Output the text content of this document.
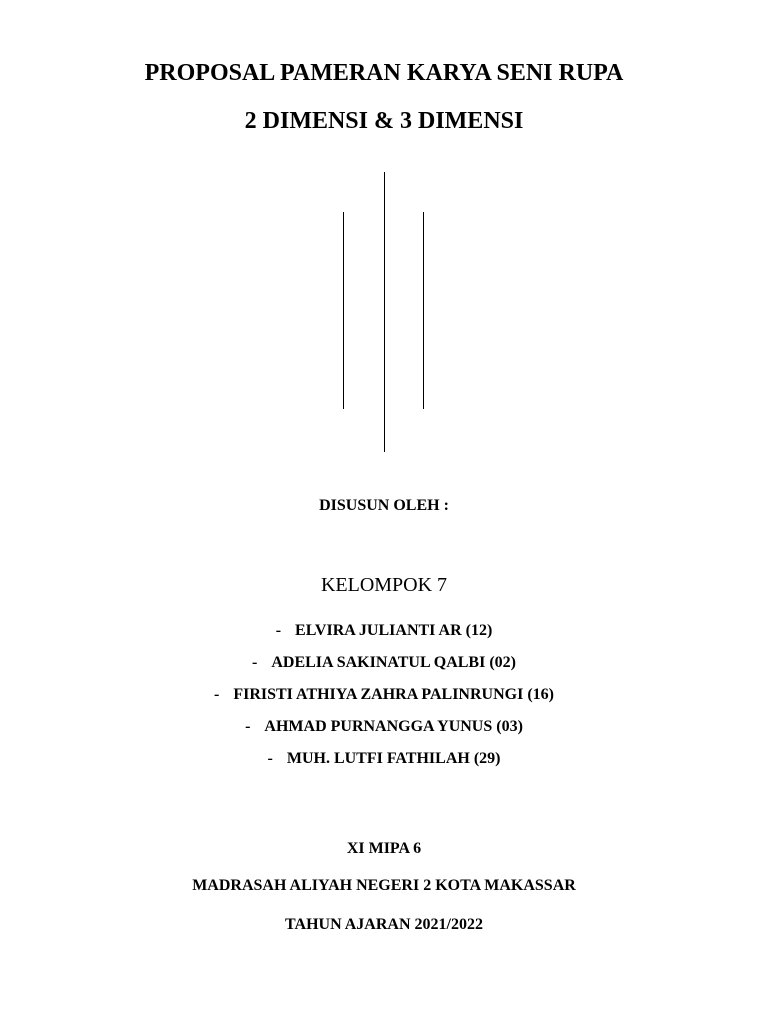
PROPOSAL PAMERAN KARYA SENI RUPA
2 DIMENSI & 3 DIMENSI
DISUSUN OLEH :
KELOMPOK 7
- ELVIRA JULIANTI AR (12)
- ADELIA SAKINATUL QALBI (02)
- FIRISTI ATHIYA ZAHRA PALINRUNGI (16)
- AHMAD PURNANGGA YUNUS (03)
- MUH. LUTFI FATHILAH (29)
XI MIPA 6
MADRASAH ALIYAH NEGERI 2 KOTA MAKASSAR
TAHUN AJARAN 2021/2022
